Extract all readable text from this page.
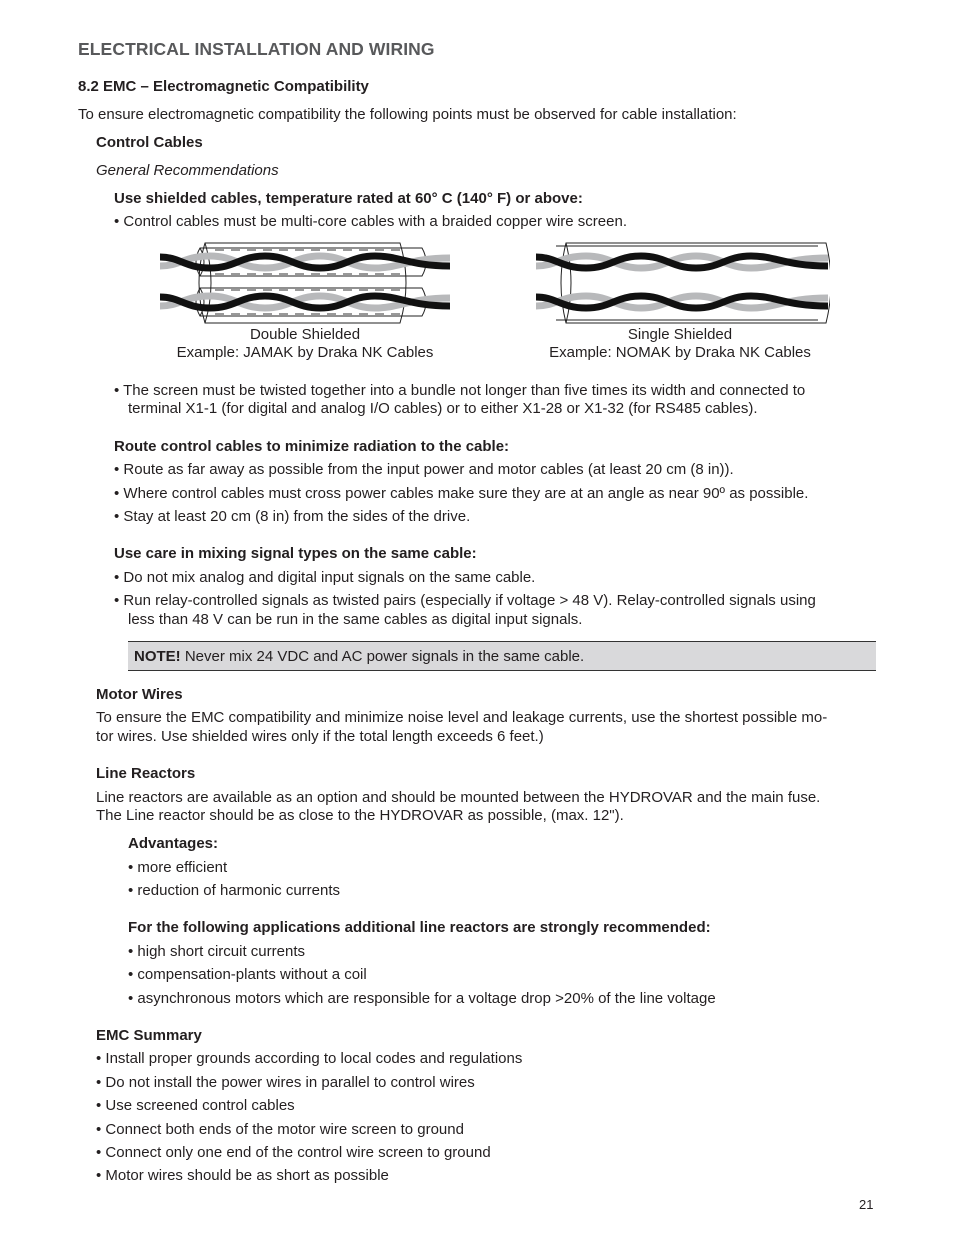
ELECTRICAL INSTALLATION AND WIRING
8.2 EMC – Electromagnetic Compatibility
To ensure electromagnetic compatibility the following points must be observed for cable installation:
Control Cables
General Recommendations
Use shielded cables, temperature rated at 60° C (140° F) or above:
• Control cables must be multi-core cables with a braided copper wire screen.
Double Shielded
Example: JAMAK by Draka NK Cables
Single Shielded
Example: NOMAK by Draka NK Cables
• The screen must be twisted together into a bundle not longer than five times its width and connected to
terminal X1-1 (for digital and analog I/O cables) or to either X1-28 or X1-32 (for RS485 cables).
Route control cables to minimize radiation to the cable:
• Route as far away as possible from the input power and motor cables (at least 20 cm (8 in)).
• Where control cables must cross power cables make sure they are at an angle as near 90º as possible.
• Stay at least 20 cm (8 in) from the sides of the drive.
Use care in mixing signal types on the same cable:
• Do not mix analog and digital input signals on the same cable.
• Run relay-controlled signals as twisted pairs (especially if voltage > 48 V). Relay-controlled signals using
less than 48 V can be run in the same cables as digital input signals.
NOTE! Never mix 24 VDC and AC power signals in the same cable.
Motor Wires
To ensure the EMC compatibility and minimize noise level and leakage currents, use the shortest possible mo-
tor wires. Use shielded wires only if the total length exceeds 6 feet.)
Line Reactors
Line reactors are available as an option and should be mounted between the HYDROVAR and the main fuse.
The Line reactor should be as close to the HYDROVAR as possible, (max. 12").
Advantages:
• more efficient
• reduction of harmonic currents
For the following applications additional line reactors are strongly recommended:
• high short circuit currents
• compensation-plants without a coil
• asynchronous motors which are responsible for a voltage drop >20% of the line voltage
EMC Summary
• Install proper grounds according to local codes and regulations
• Do not install the power wires in parallel to control wires
• Use screened control cables
• Connect both ends of the motor wire screen to ground
• Connect only one end of the control wire screen to ground
• Motor wires should be as short as possible
21
